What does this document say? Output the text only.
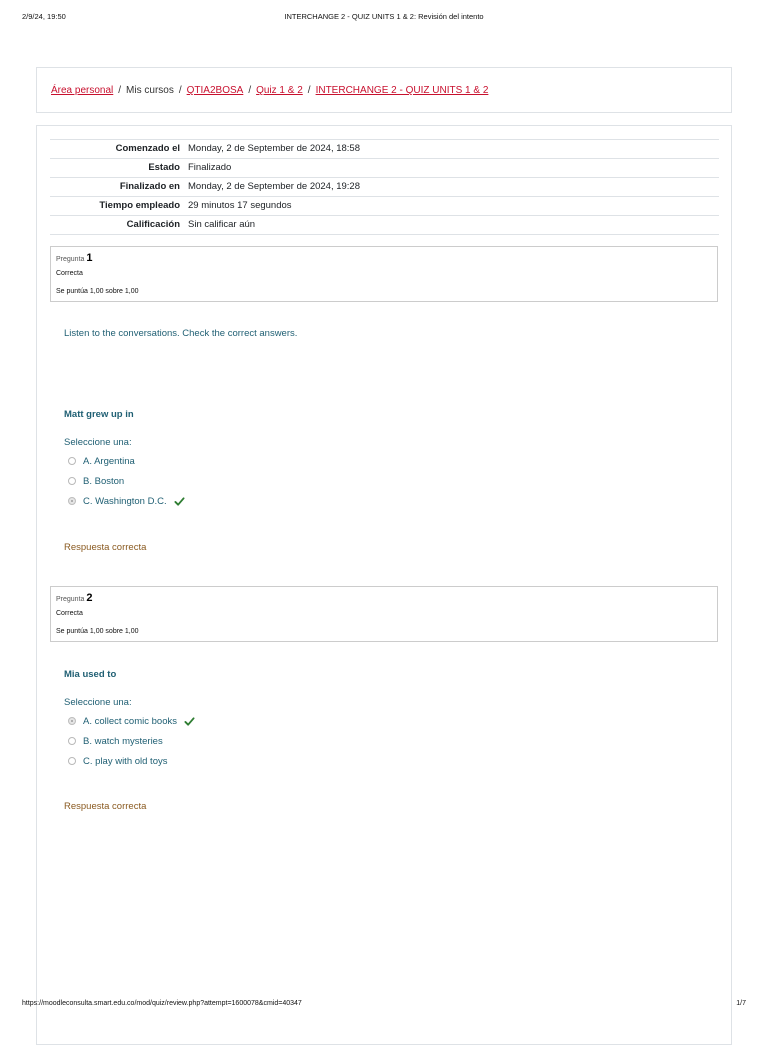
2/9/24, 19:50	INTERCHANGE 2 - QUIZ UNITS 1 & 2: Revisión del intento
Área personal / Mis cursos / QTIA2BOSA / Quiz 1 & 2 / INTERCHANGE 2 - QUIZ UNITS 1 & 2
Comenzado el	Monday, 2 de September de 2024, 18:58
Estado	Finalizado
Finalizado en	Monday, 2 de September de 2024, 19:28
Tiempo empleado	29 minutos 17 segundos
Calificación	Sin calificar aún
Pregunta 1
Correcta
Se puntúa 1,00 sobre 1,00
Listen to the conversations. Check the correct answers.
Matt grew up in
Seleccione una:
A. Argentina
B. Boston
C. Washington D.C.
Respuesta correcta
Pregunta 2
Correcta
Se puntúa 1,00 sobre 1,00
Mia used to
Seleccione una:
A. collect comic books
B. watch mysteries
C. play with old toys
Respuesta correcta
https://moodleconsulta.smart.edu.co/mod/quiz/review.php?attempt=1600078&cmid=40347	1/7
